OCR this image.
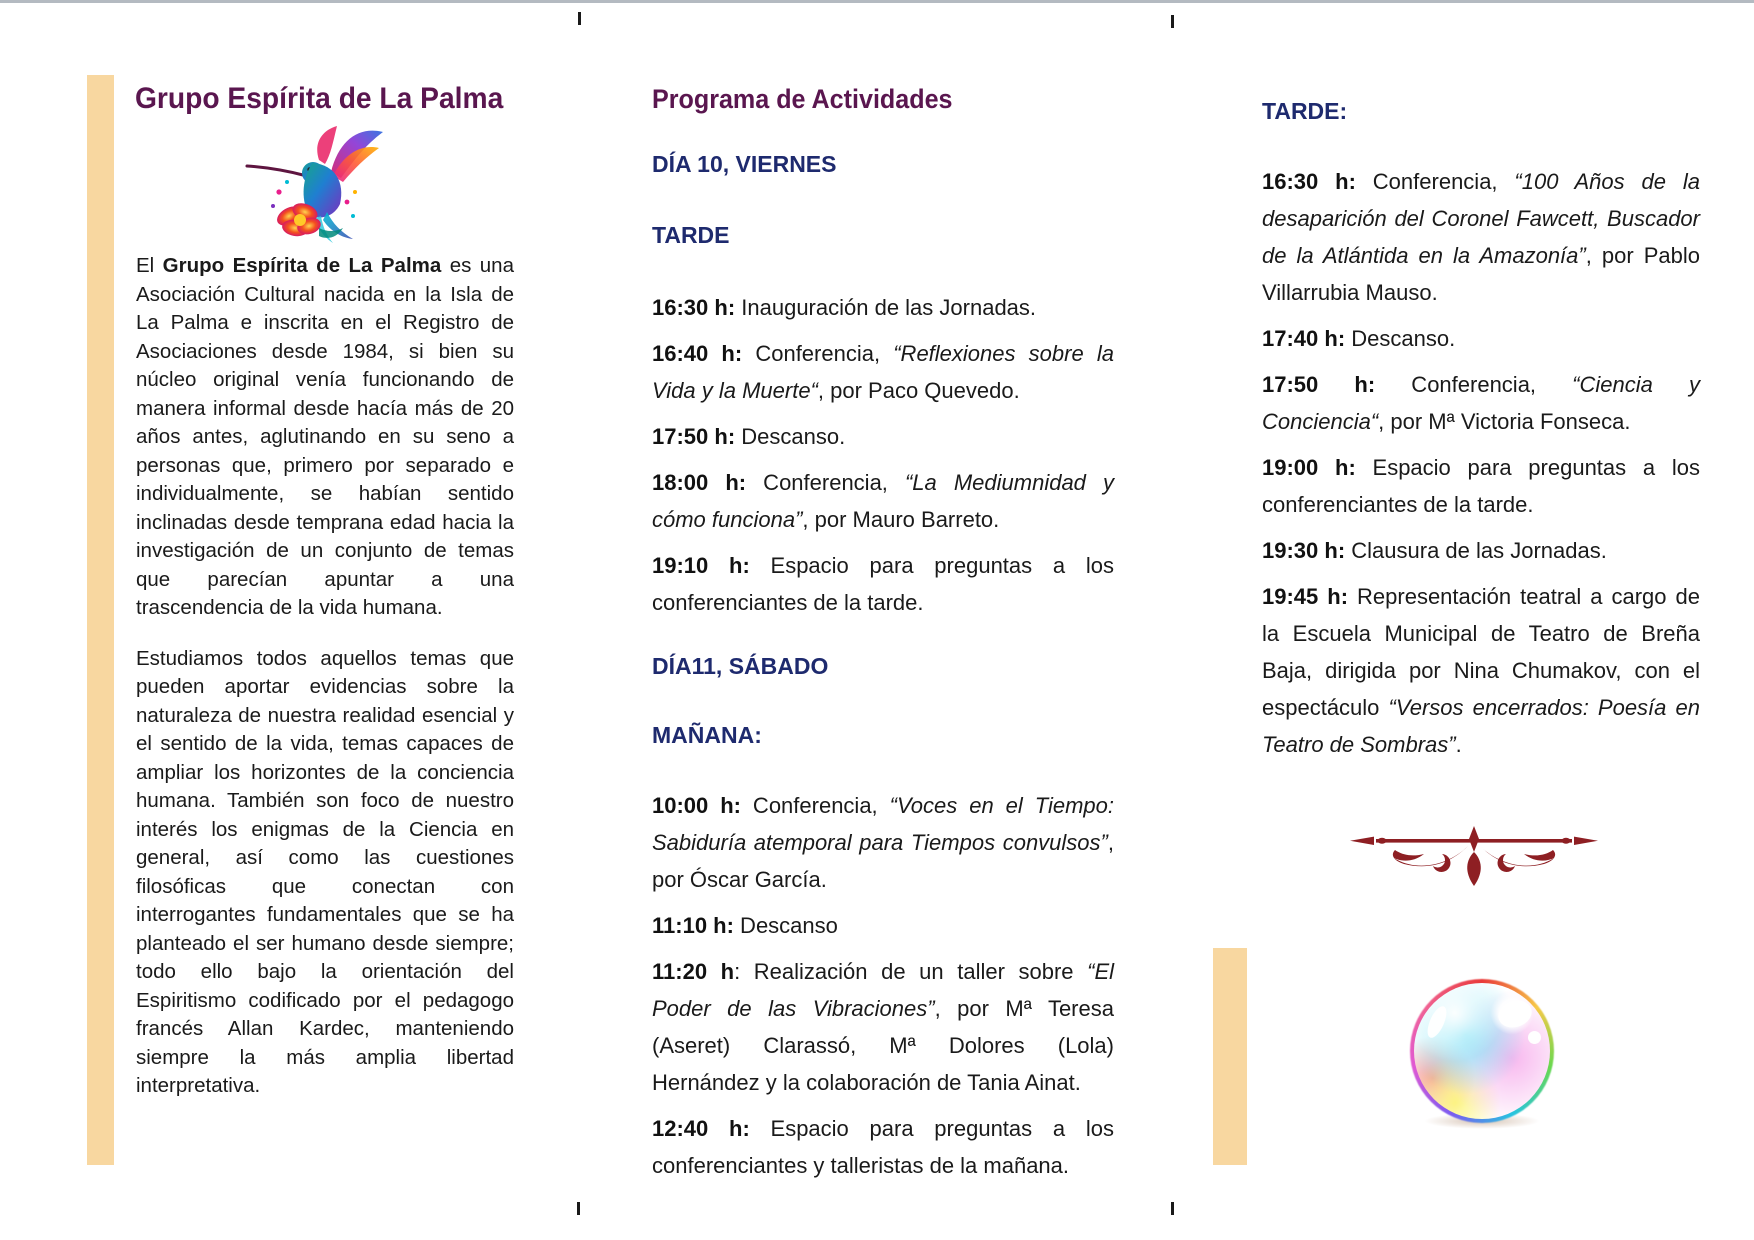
Grupo Espírita de La Palma

El Grupo Espírita de La Palma es una Asociación Cultural nacida en la Isla de La Palma e inscrita en el Registro de Asociaciones desde 1984, si bien su núcleo original venía funcionando de manera informal desde hacía más de 20 años antes, aglutinando en su seno a personas que, primero por separado e individualmente, se habían sentido inclinadas desde temprana edad hacia la investigación de un conjunto de temas que parecían apuntar a una trascendencia de la vida humana.

Estudiamos todos aquellos temas que pueden aportar evidencias sobre la naturaleza de nuestra realidad esencial y el sentido de la vida, temas capaces de ampliar los horizontes de la conciencia humana. También son foco de nuestro interés los enigmas de la Ciencia en general, así como las cuestiones filosóficas que conectan con interrogantes fundamentales que se ha planteado el ser humano desde siempre; todo ello bajo la orientación del Espiritismo codificado por el pedagogo francés Allan Kardec, manteniendo siempre la más amplia libertad interpretativa.

Programa de Actividades
DÍA 10, VIERNES
TARDE

16:30 h: Inauguración de las Jornadas.

16:40 h: Conferencia, “Reflexiones sobre la Vida y la Muerte“, por Paco Quevedo.

17:50 h: Descanso.

18:00 h: Conferencia, “La Mediumnidad y cómo funciona”, por Mauro Barreto.

19:10 h: Espacio para preguntas a los conferenciantes de la tarde.

DÍA11, SÁBADO
MAÑANA:

10:00 h: Conferencia, “Voces en el Tiempo: Sabiduría atemporal para Tiempos convulsos”, por Óscar García.

11:10 h: Descanso

11:20 h: Realización de un taller sobre “El Poder de las Vibraciones”, por Mª Teresa (Aseret) Clarassó, Mª Dolores (Lola) Hernández y la colaboración de Tania Ainat.

12:40 h: Espacio para preguntas a los conferenciantes y talleristas de la mañana.

TARDE:

16:30 h: Conferencia, “100 Años de la desaparición del Coronel Fawcett, Buscador de la Atlántida en la Amazonía”, por Pablo Villarrubia Mauso.

17:40 h: Descanso.

17:50 h: Conferencia, “Ciencia y Conciencia“, por Mª Victoria Fonseca.

19:00 h: Espacio para preguntas a los conferenciantes de la tarde.

19:30 h: Clausura de las Jornadas.

19:45 h: Representación teatral a cargo de la Escuela Municipal de Teatro de Breña Baja, dirigida por Nina Chumakov, con el espectáculo “Versos encerrados: Poesía en Teatro de Sombras”.
